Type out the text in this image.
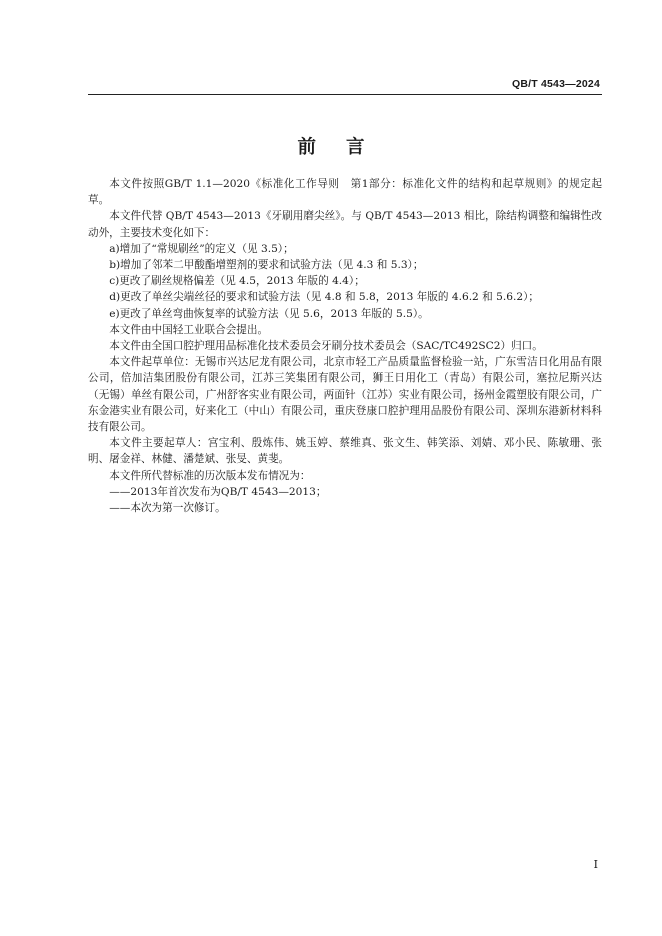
QB/T 4543—2024
前 言

本文件按照GB/T 1.1—2020《标准化工作导则　第1部分：标准化文件的结构和起草规则》的规定起草。

本文件代替 QB/T 4543—2013《牙刷用磨尖丝》。与 QB/T 4543—2013 相比，除结构调整和编辑性改动外，主要技术变化如下：

a)增加了“常规刷丝”的定义（见 3.5）；

b)增加了邻苯二甲酸酯增塑剂的要求和试验方法（见 4.3 和 5.3）；

c)更改了刷丝规格偏差（见 4.5，2013 年版的 4.4）；

d)更改了单丝尖端丝径的要求和试验方法（见 4.8 和 5.8，2013 年版的 4.6.2 和 5.6.2）；

e)更改了单丝弯曲恢复率的试验方法（见 5.6，2013 年版的 5.5）。

本文件由中国轻工业联合会提出。

本文件由全国口腔护理用品标准化技术委员会牙刷分技术委员会（SAC/TC492SC2）归口。

本文件起草单位：无锡市兴达尼龙有限公司，北京市轻工产品质量监督检验一站，广东雪洁日化用品有限公司，倍加洁集团股份有限公司，江苏三笑集团有限公司，狮王日用化工（青岛）有限公司，塞拉尼斯兴达（无锡）单丝有限公司，广州舒客实业有限公司，两面针（江苏）实业有限公司，扬州金霞塑胶有限公司，广东金港实业有限公司，好来化工（中山）有限公司，重庆登康口腔护理用品股份有限公司、深圳东港新材料科技有限公司。

本文件主要起草人：宫宝利、殷炼伟、姚玉婷、蔡维真、张文生、韩笑添、刘婧、邓小民、陈敏珊、张明、屠金祥、林健、潘楚斌、张旻、黄斐。

本文件所代替标准的历次版本发布情况为：

——2013年首次发布为QB/T 4543—2013；

——本次为第一次修订。

I
